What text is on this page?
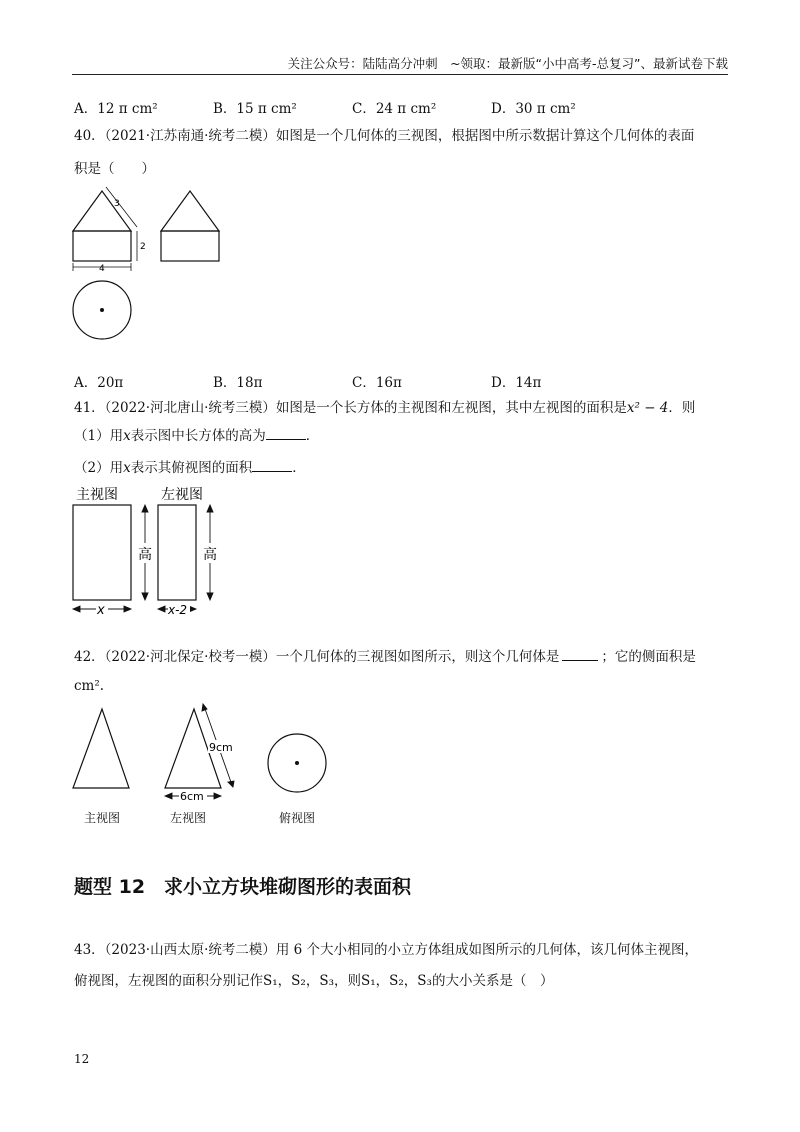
关注公众号：陆陆高分冲刺　~领取：最新版“小中高考-总复习”、最新试卷下载
A．12 π cm²	B．15 π cm²	C．24 π cm²	D．30 π cm²
40．（2021·江苏南通·统考二模）如图是一个几何体的三视图，根据图中所示数据计算这个几何体的表面
积是（　　）
3
2
4
A．20π	B．18π	C．16π	D．14π
41．（2022·河北唐山·统考三模）如图是一个长方体的主视图和左视图，其中左视图的面积是x² − 4．则
（1）用x表示图中长方体的高为	．
（2）用x表示其俯视图的面积	．
主视图	左视图
高	高
x	x-2
42．（2022·河北保定·校考一模）一个几何体的三视图如图所示，则这个几何体是	；它的侧面积是
cm².
9cm
6cm
主视图	左视图	俯视图
题型 12　求小立方块堆砌图形的表面积
43．（2023·山西太原·统考二模）用 6 个大小相同的小立方体组成如图所示的几何体，该几何体主视图，
俯视图，左视图的面积分别记作S₁，S₂，S₃，则S₁，S₂，S₃的大小关系是（　）
12
